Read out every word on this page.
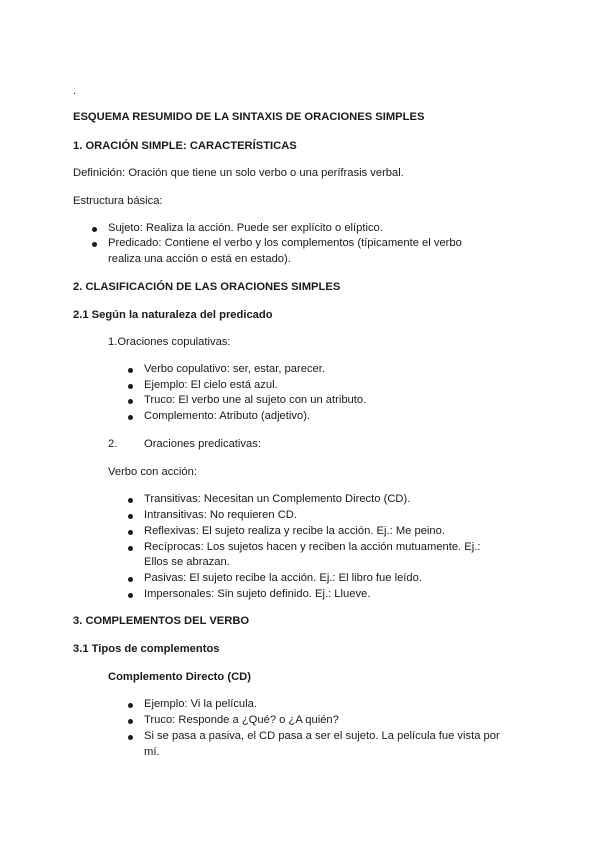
.
ESQUEMA RESUMIDO DE LA SINTAXIS DE ORACIONES SIMPLES
1. ORACIÓN SIMPLE: CARACTERÍSTICAS
Definición: Oración que tiene un solo verbo o una perífrasis verbal.
Estructura básica:
Sujeto: Realiza la acción. Puede ser explícito o elíptico.
Predicado: Contiene el verbo y los complementos (típicamente el verbo
realiza una acción o está en estado).
2. CLASIFICACIÓN DE LAS ORACIONES SIMPLES
2.1 Según la naturaleza del predicado
1.Oraciones copulativas:
Verbo copulativo: ser, estar, parecer.
Ejemplo: El cielo está azul.
Truco: El verbo une al sujeto con un atributo.
Complemento: Atributo (adjetivo).
2. Oraciones predicativas:
Verbo con acción:
Transitivas: Necesitan un Complemento Directo (CD).
Intransitivas: No requieren CD.
Reflexivas: El sujeto realiza y recibe la acción. Ej.: Me peino.
Recíprocas: Los sujetos hacen y reciben la acción mutuamente. Ej.:
Ellos se abrazan.
Pasivas: El sujeto recibe la acción. Ej.: El libro fue leído.
Impersonales: Sin sujeto definido. Ej.: Llueve.
3. COMPLEMENTOS DEL VERBO
3.1 Tipos de complementos
Complemento Directo (CD)
Ejemplo: Vi la película.
Truco: Responde a ¿Qué? o ¿A quién?
Si se pasa a pasiva, el CD pasa a ser el sujeto. La película fue vista por
mí.
